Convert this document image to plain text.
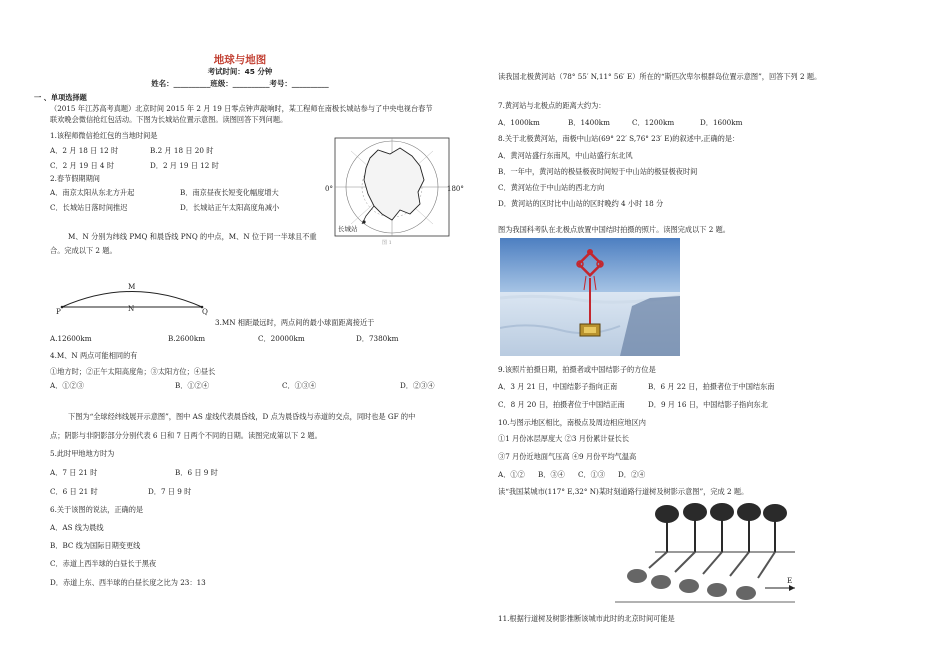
地球与地图
考试时间：45 分钟
姓名：__________班级：__________考号：__________
一 、单项选择题
（2015 年江苏高考真题）北京时间 2015 年 2 月 19 日零点钟声敲响时，某工程师在南极长城站参与了中央电视台春节
联欢晚会微信抢红包活动。下图为长城站位置示意图。读图回答下列问题。
1.该程师微信抢红包的当地时间是
A．2 月 18 日 12 时	B.2 月 18 日 20 时
C．2 月 19 日 4 时	D．2 月 19 日 12 时
2.春节假期期间
A．南京太阳从东北方升起	B．南京昼夜长短变化幅度增大
C．长城站日落时间推迟	D．长城站正午太阳高度角减小
0°	180°
长城站
图 1
M、N 分别为纬线 PMQ 和晨昏线 PNQ 的中点，M、N 位于同一半球且不重
合。完成以下 2 题。
P
M
N	Q
3.MN 相距最远时，两点间的最小球面距离接近于
A.12600km	B.2600km	C．20000km	D．7380km
4.M、N 两点可能相同的有
①地方时；②正午太阳高度角；③太阳方位；④昼长
A．①②③	B．①②④	C．①③④	D．②③④
下图为“全球经纬线展开示意图”，图中 AS 虚线代表晨昏线，D 点为晨昏线与赤道的交点，同时也是 GF 的中
点；阴影与非阴影部分分别代表 6 日和 7 日两个不同的日期。读图完成第以下 2 题。
5.此时甲地地方时为
A．7 日 21 时	B．6 日 9 时
C．6 日 21 时	D．7 日 9 时
6.关于该图的说法，正确的是
A．AS 线为晨线
B．BC 线为国际日期变更线
C．赤道上西半球的白昼长于黑夜
D．赤道上东、西半球的白昼长度之比为 23：13
读我国北极黄河站（78° 55′ N,11° 56′ E）所在的“斯匹次卑尔根群岛位置示意图”，回答下列 2 题。
7.黄河站与北极点的距离大约为：
A．1000km	B．1400km	C．1200km	D．1600km
8.关于北极黄河站，南极中山站(69° 22′ S,76° 23′ E)的叙述中,正确的是：
A．黄河站盛行东南风，中山站盛行东北风
B．一年中，黄河站的极昼极夜时间短于中山站的极昼极夜时间
C．黄河站位于中山站的西北方向
D．黄河站的区时比中山站的区时晚约 4 小时 18 分
图为我国科考队在北极点放置中国结时拍摄的照片。读图完成以下 2 题。
9.该照片拍摄日期，拍摄者或中国结影子的方位是
A．3 月 21 日，中国结影子指向正南	B．6 月 22 日，拍摄者位于中国结东南
C．8 月 20 日，拍摄者位于中国结正南	D．9 月 16 日，中国结影子指向东北
10.与图示地区相比，南极点及周边相应地区内
①1 月份冰层厚度大 ②3 月份累计昼长长
③7 月份近地面气压高 ④9 月份平均气温高
A．①② B．③④ C．①③ D．②④
读“我国某城市(117° E,32° N)某时刻道路行道树及树影示意图”，完成 2 题。
E
11.根据行道树及树影推断该城市此时的北京时间可能是
